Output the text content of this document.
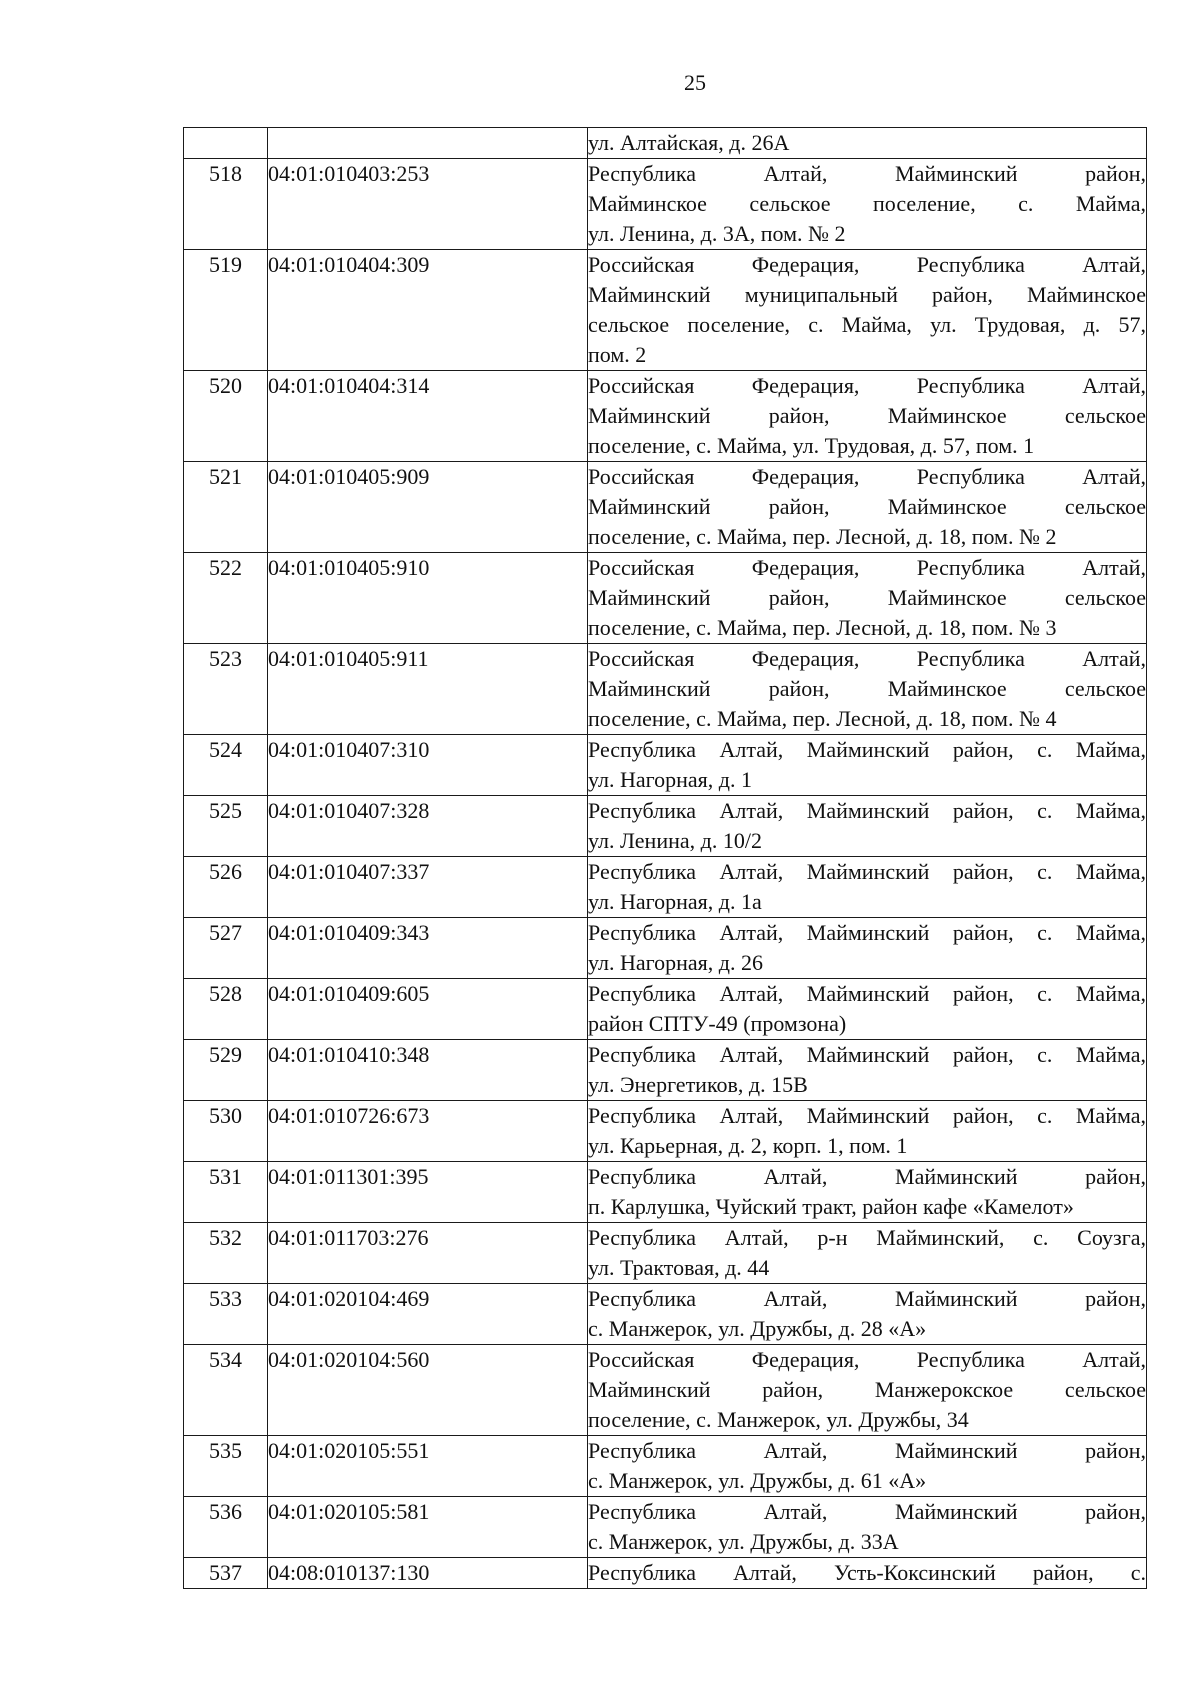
25

		ул. Алтайская, д. 26А

518	04:01:010403:253	Республика Алтай, Майминский район,
Майминское сельское поселение, с. Майма,
ул. Ленина, д. 3А, пом. № 2

519	04:01:010404:309	Российская Федерация, Республика Алтай,
Майминский муниципальный район, Майминское
сельское поселение, с. Майма, ул. Трудовая, д. 57,
пом. 2

520	04:01:010404:314	Российская Федерация, Республика Алтай,
Майминский район, Майминское сельское
поселение, с. Майма, ул. Трудовая, д. 57, пом. 1

521	04:01:010405:909	Российская Федерация, Республика Алтай,
Майминский район, Майминское сельское
поселение, с. Майма, пер. Лесной, д. 18, пом. № 2

522	04:01:010405:910	Российская Федерация, Республика Алтай,
Майминский район, Майминское сельское
поселение, с. Майма, пер. Лесной, д. 18, пом. № 3

523	04:01:010405:911	Российская Федерация, Республика Алтай,
Майминский район, Майминское сельское
поселение, с. Майма, пер. Лесной, д. 18, пом. № 4

524	04:01:010407:310	Республика Алтай, Майминский район, с. Майма,
ул. Нагорная, д. 1

525	04:01:010407:328	Республика Алтай, Майминский район, с. Майма,
ул. Ленина, д. 10/2

526	04:01:010407:337	Республика Алтай, Майминский район, с. Майма,
ул. Нагорная, д. 1а

527	04:01:010409:343	Республика Алтай, Майминский район, с. Майма,
ул. Нагорная, д. 26

528	04:01:010409:605	Республика Алтай, Майминский район, с. Майма,
район СПТУ-49 (промзона)

529	04:01:010410:348	Республика Алтай, Майминский район, с. Майма,
ул. Энергетиков, д. 15В

530	04:01:010726:673	Республика Алтай, Майминский район, с. Майма,
ул. Карьерная, д. 2, корп. 1, пом. 1

531	04:01:011301:395	Республика Алтай, Майминский район,
п. Карлушка, Чуйский тракт, район кафе «Камелот»

532	04:01:011703:276	Республика Алтай, р-н Майминский, с. Соузга,
ул. Трактовая, д. 44

533	04:01:020104:469	Республика Алтай, Майминский район,
с. Манжерок, ул. Дружбы, д. 28 «А»

534	04:01:020104:560	Российская Федерация, Республика Алтай,
Майминский район, Манжерокское сельское
поселение, с. Манжерок, ул. Дружбы, 34

535	04:01:020105:551	Республика Алтай, Майминский район,
с. Манжерок, ул. Дружбы, д. 61 «А»

536	04:01:020105:581	Республика Алтай, Майминский район,
с. Манжерок, ул. Дружбы, д. 33А

537	04:08:010137:130	Республика Алтай, Усть-Коксинский район, с.
